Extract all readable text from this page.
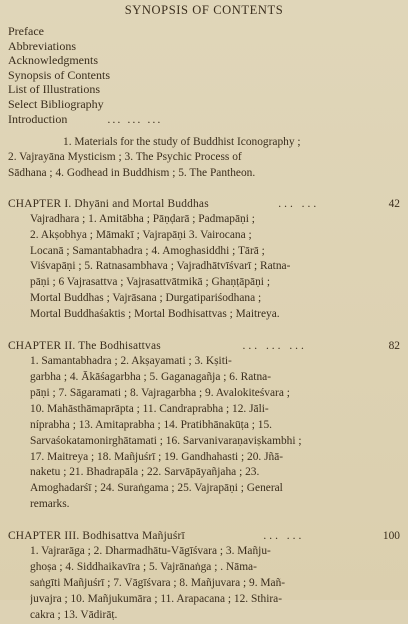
SYNOPSIS OF CONTENTS
Preface
Abbreviations
Acknowledgments
Synopsis of Contents
List of Illustrations
Select Bibliography
Introduction	... ... ...
1. Materials for the study of Buddhist Iconography ;
2. Vajrayāna Mysticism ; 3. The Psychic Process of
Sādhana ; 4. Godhead in Buddhism ; 5. The Pantheon.
CHAPTER I. Dhyāni and Mortal Buddhas	... ...	42
Vajradhara ; 1. Amitābha ; Pāṇḍarā ; Padmapāṇi ;
2. Akṣobhya ; Māmakī ; Vajrapāṇi 3. Vairocana ;
Locanā ; Samantabhadra ; 4. Amoghasiddhi ; Tārā ;
Viśvapāṇi ; 5. Ratnasambhava ; Vajradhātvīśvarī ; Ratna-
pāṇi ; 6 Vajrasattva ; Vajrasattvātmikā ; Ghaṇṭāpāṇi ;
Mortal Buddhas ; Vajrāsana ; Durgatipariśodhana ;
Mortal Buddhaśaktis ; Mortal Bodhisattvas ; Maitreya.
CHAPTER II. The Bodhisattvas	... ... ...	82
1. Samantabhadra ; 2. Akṣayamati ; 3. Kṣiti-
garbha ; 4. Ākāśagarbha ; 5. Gaganagañja ; 6. Ratna-
pāṇi ; 7. Sāgaramati ; 8. Vajragarbha ; 9. Avalokiteśvara ;
10. Mahāsthāmaprāpta ; 11. Candraprabha ; 12. Jāli-
níprabha ; 13. Amitaprabha ; 14. Pratibhānakūṭa ; 15.
Sarvaśokatamonirghātamati ; 16. Sarvanivaraṇaviṣkambhi ;
17. Maitreya ; 18. Mañjuśrī ; 19. Gandhahasti ; 20. Jñā-
naketu ; 21. Bhadrapāla ; 22. Sarvāpāyañjaha ; 23.
Amoghadarśī ; 24. Suraṅgama ; 25. Vajrapāṇi ; General
remarks.
CHAPTER III. Bodhisattva Mañjuśrī	... ...	100
1. Vajrarāga ; 2. Dharmadhātu-Vāgīśvara ; 3. Mañju-
ghoṣa ; 4. Siddhaikavīra ; 5. Vajrānaṅga ; . Nāma-
saṅgīti Mañjuśrī ; 7. Vāgīśvara ; 8. Mañjuvara ; 9. Mañ-
juvajra ; 10. Mañjukumāra ; 11. Arapacana ; 12. Sthira-
cakra ; 13. Vādirāṭ.
